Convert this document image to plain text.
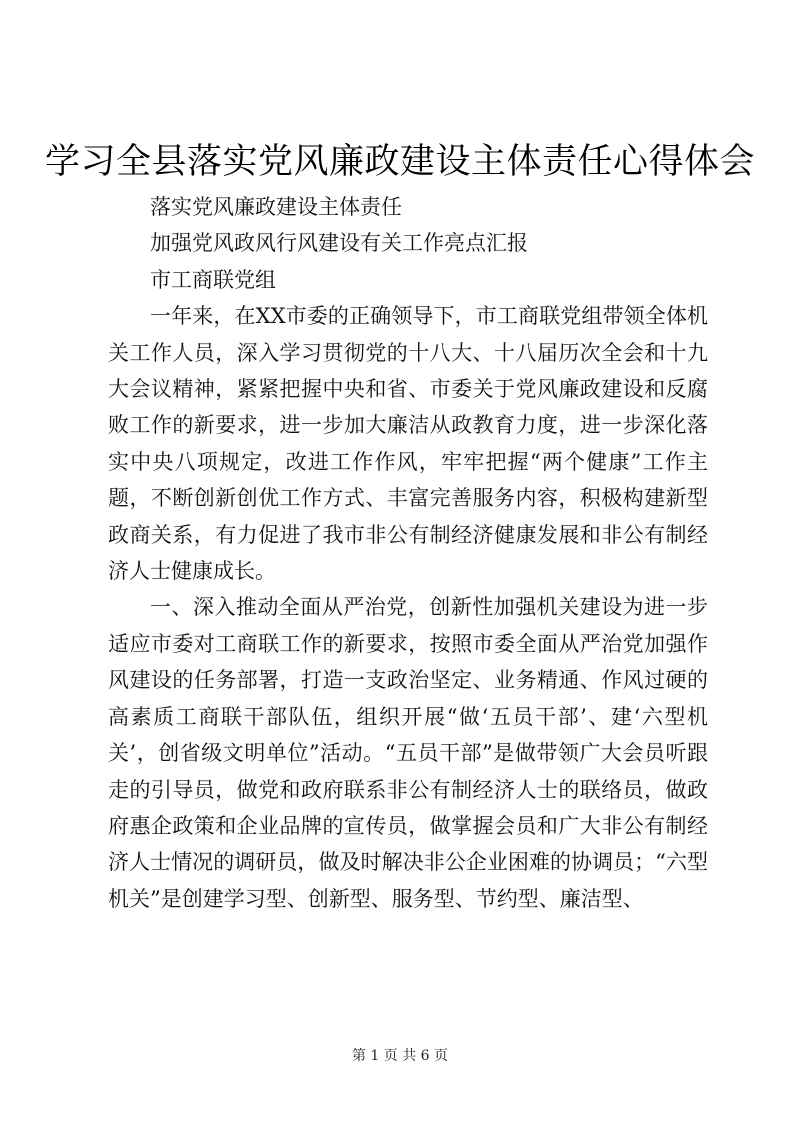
学习全县落实党风廉政建设主体责任心得体会

落实党风廉政建设主体责任

加强党风政风行风建设有关工作亮点汇报

市工商联党组

一年来，在XX市委的正确领导下，市工商联党组带领全体机关工作人员，深入学习贯彻党的十八大、十八届历次全会和十九大会议精神，紧紧把握中央和省、市委关于党风廉政建设和反腐败工作的新要求，进一步加大廉洁从政教育力度，进一步深化落实中央八项规定，改进工作作风，牢牢把握“两个健康”工作主题，不断创新创优工作方式、丰富完善服务内容，积极构建新型政商关系，有力促进了我市非公有制经济健康发展和非公有制经济人士健康成长。

一、深入推动全面从严治党，创新性加强机关建设为进一步适应市委对工商联工作的新要求，按照市委全面从严治党加强作风建设的任务部署，打造一支政治坚定、业务精通、作风过硬的高素质工商联干部队伍，组织开展“做‘五员干部’、建‘六型机关’，创省级文明单位”活动。“五员干部”是做带领广大会员听跟走的引导员，做党和政府联系非公有制经济人士的联络员，做政府惠企政策和企业品牌的宣传员，做掌握会员和广大非公有制经济人士情况的调研员，做及时解决非公企业困难的协调员；“六型机关”是创建学习型、创新型、服务型、节约型、廉洁型、

第 1 页 共 6 页
